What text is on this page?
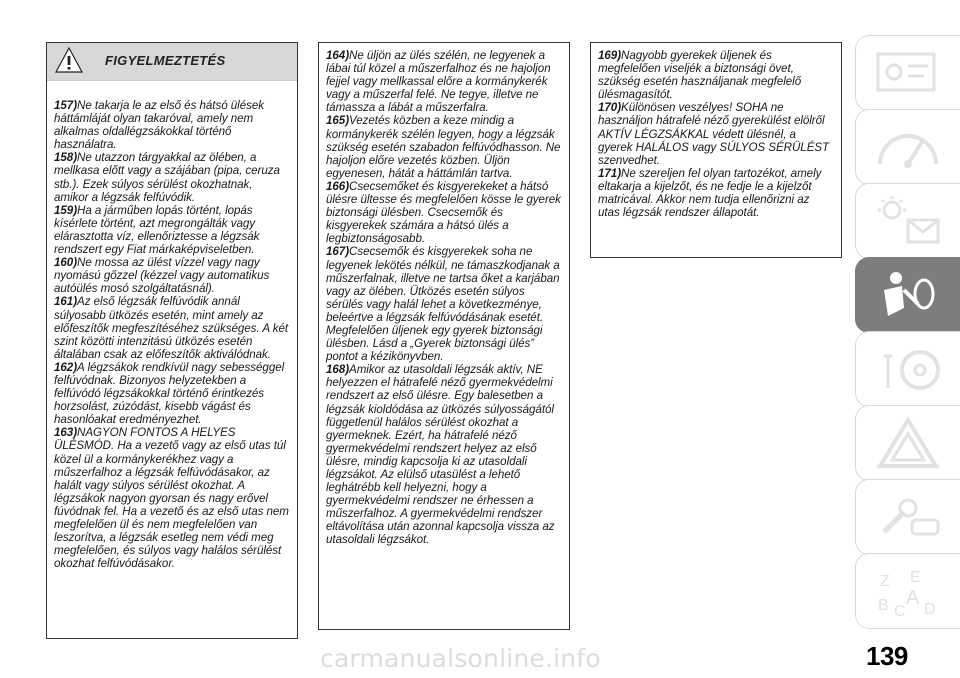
FIGYELMEZTETÉS

157)Ne takarja le az első és hátsó ülések háttámláját olyan takaróval, amely nem alkalmas oldallégzsákokkal történő használatra.

158)Ne utazzon tárgyakkal az ölében, a mellkasa előtt vagy a szájában (pipa, ceruza stb.). Ezek súlyos sérülést okozhatnak, amikor a légzsák felfúvódik.

159)Ha a járműben lopás történt, lopás kísérlete történt, azt megrongálták vagy elárasztotta víz, ellenőriztesse a légzsák rendszert egy Fiat márkaképviseletben.

160)Ne mossa az ülést vízzel vagy nagy nyomású gőzzel (kézzel vagy automatikus autóülés mosó szolgáltatásnál).

161)Az első légzsák felfúvódik annál súlyosabb ütközés esetén, mint amely az előfeszítők megfeszítéséhez szükséges. A két szint közötti intenzitású ütközés esetén általában csak az előfeszítők aktiválódnak.

162)A légzsákok rendkívül nagy sebességgel felfúvódnak. Bizonyos helyzetekben a felfúvódó légzsákokkal történő érintkezés horzsolást, zúzódást, kisebb vágást és hasonlóakat eredményezhet.

163)NAGYON FONTOS A HELYES ÜLÉSMÓD. Ha a vezető vagy az első utas túl közel ül a kormánykerékhez vagy a műszerfalhoz a légzsák felfúvódásakor, az halált vagy súlyos sérülést okozhat. A légzsákok nagyon gyorsan és nagy erővel fúvódnak fel. Ha a vezető és az első utas nem megfelelően ül és nem megfelelően van leszorítva, a légzsák esetleg nem védi meg megfelelően, és súlyos vagy halálos sérülést okozhat felfúvódásakor.

164)Ne üljön az ülés szélén, ne legyenek a lábai túl közel a műszerfalhoz és ne hajoljon fejjel vagy mellkassal előre a kormánykerék vagy a műszerfal felé. Ne tegye, illetve ne támassza a lábát a műszerfalra.

165)Vezetés közben a keze mindig a kormánykerék szélén legyen, hogy a légzsák szükség esetén szabadon felfúvódhasson. Ne hajoljon előre vezetés közben. Üljön egyenesen, hátát a háttámlán tartva.

166)Csecsemőket és kisgyerekeket a hátsó ülésre ültesse és megfelelően kösse le gyerek biztonsági ülésben. Csecsemők és kisgyerekek számára a hátsó ülés a legbiztonságosabb.

167)Csecsemők és kisgyerekek soha ne legyenek lekötés nélkül, ne támaszkodjanak a műszerfalnak, illetve ne tartsa őket a karjában vagy az ölében. Ütközés esetén súlyos sérülés vagy halál lehet a következménye, beleértve a légzsák felfúvódásának esetét. Megfelelően üljenek egy gyerek biztonsági ülésben. Lásd a „Gyerek biztonsági ülés” pontot a kézikönyvben.

168)Amikor az utasoldali légzsák aktív, NE helyezzen el hátrafelé néző gyermekvédelmi rendszert az első ülésre. Egy balesetben a légzsák kioldódása az ütközés súlyosságától függetlenül halálos sérülést okozhat a gyermeknek. Ezért, ha hátrafelé néző gyermekvédelmi rendszert helyez az első ülésre, mindig kapcsolja ki az utasoldali légzsákot. Az elülső utasülést a lehető leghátrébb kell helyezni, hogy a gyermekvédelmi rendszer ne érhessen a műszerfalhoz. A gyermekvédelmi rendszer eltávolítása után azonnal kapcsolja vissza az utasoldali légzsákot.

169)Nagyobb gyerekek üljenek és megfelelően viseljék a biztonsági övet, szükség esetén használjanak megfelelő ülésmagasítót.

170)Különösen veszélyes! SOHA ne használjon hátrafelé néző gyerekülést elölről AKTÍV LÉGZSÁKKAL védett ülésnél, a gyerek HALÁLOS vagy SÚLYOS SÉRÜLÉST szenvedhet.

171)Ne szereljen fel olyan tartozékot, amely eltakarja a kijelzőt, és ne fedje le a kijelzőt matricával. Akkor nem tudja ellenőrizni az utas légzsák rendszer állapotát.

Z E
B C
A
D
carmanualsonline.info	139
